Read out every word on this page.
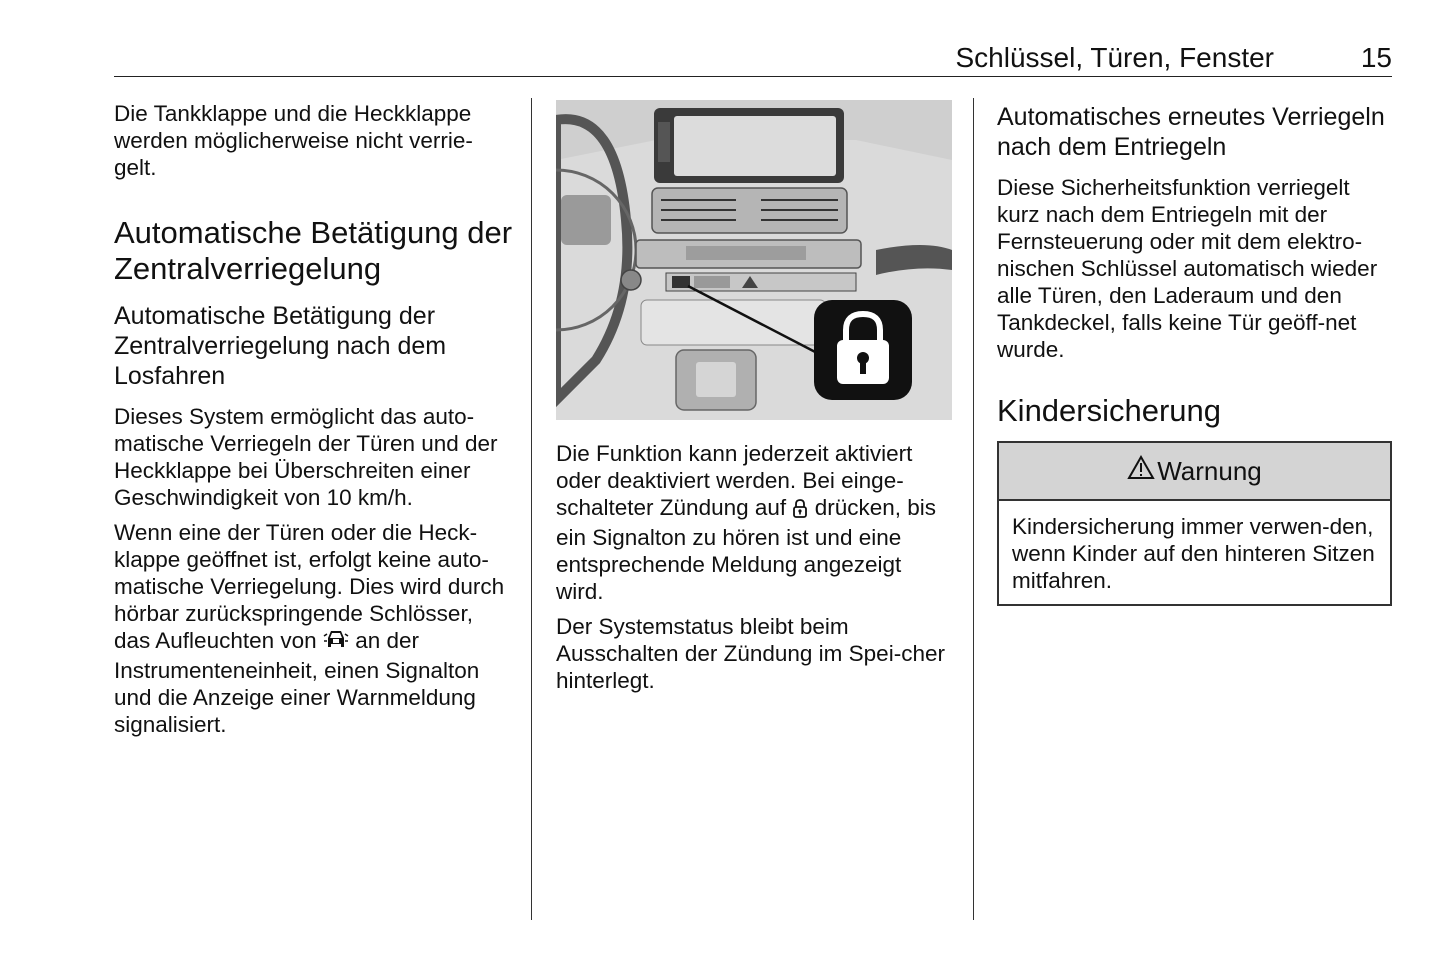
Schlüssel, Türen, Fenster	15

Die Tankklappe und die Heckklappe werden möglicherweise nicht verrie-gelt.

Automatische Betätigung der Zentralverriegelung
Automatische Betätigung der Zentralverriegelung nach dem Losfahren

Dieses System ermöglicht das auto-matische Verriegeln der Türen und der Heckklappe bei Überschreiten einer Geschwindigkeit von 10 km/h.

Wenn eine der Türen oder die Heck-klappe geöffnet ist, erfolgt keine auto-matische Verriegelung. Dies wird durch hörbar zurückspringende Schlösser, das Aufleuchten von an der Instrumenteneinheit, einen Signalton und die Anzeige einer Warnmeldung signalisiert.

Die Funktion kann jederzeit aktiviert oder deaktiviert werden. Bei einge-schalteter Zündung auf drücken, bis ein Signalton zu hören ist und eine entsprechende Meldung angezeigt wird.

Der Systemstatus bleibt beim Ausschalten der Zündung im Spei-cher hinterlegt.

Automatisches erneutes Verriegeln nach dem Entriegeln

Diese Sicherheitsfunktion verriegelt kurz nach dem Entriegeln mit der Fernsteuerung oder mit dem elektro-nischen Schlüssel automatisch wieder alle Türen, den Laderaum und den Tankdeckel, falls keine Tür geöff-net wurde.

Kindersicherung
Warnung

Kindersicherung immer verwen-den, wenn Kinder auf den hinteren Sitzen mitfahren.
